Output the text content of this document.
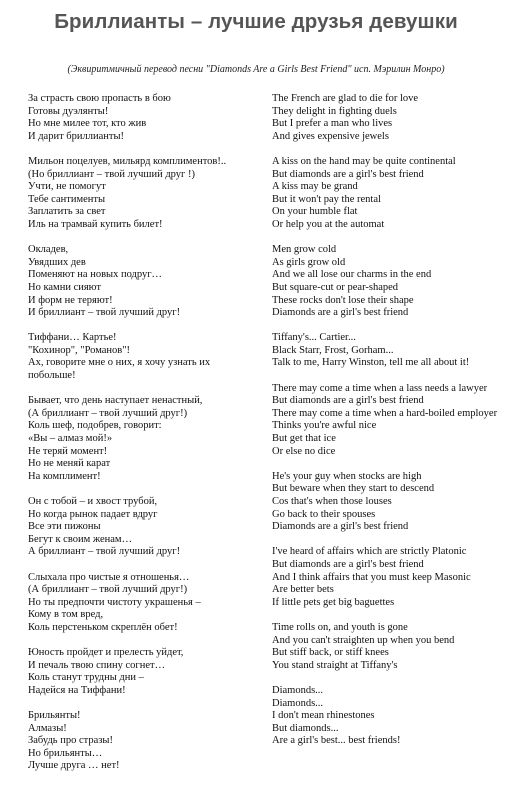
Бриллианты – лучшие друзья девушки
(Эквиритмичный перевод песни "Diamonds Are a Girls Best Friend" исп. Мэрилин Монро)
За страсть свою пропасть в бою
Готовы дуэлянты!
Но мне милее тот, кто жив
И дарит бриллианты!
Мильон поцелуев, мильярд комплиментов!..
(Но бриллиант – твой лучший друг !)
Учти, не помогут
Тебе сантименты
Заплатить за свет
Иль на трамвай купить билет!
Окладев,
Увядших дев
Поменяют на новых подруг…
Но камни сияют
И форм не теряют!
И бриллиант – твой лучший друг!
Тиффани… Картье!
"Кохинор", "Романов"!
Ах, говорите мне о них, я хочу узнать их побольше!
Бывает, что день наступает ненастный,
(А бриллиант – твой лучший друг!)
Коль шеф, подобрев, говорит:
«Вы – алмаз мой!»
Не теряй момент!
Но не меняй карат
На комплимент!
Он с тобой – и хвост трубой,
Но когда рынок падает вдруг
Все эти пижоны
Бегут к своим женам…
А бриллиант – твой лучший друг!
Слыхала про чистые я отношенья…
(А бриллиант – твой лучший друг!)
Но ты предпочти чистоту украшенья –
Кому в том вред,
Коль перстеньком скреплён обет!
Юность пройдет и прелесть уйдет,
И печаль твою спину согнет…
Коль станут трудны дни –
Надейся на Тиффани!
Брильянты!
Алмазы!
Забудь про стразы!
Но брильянты…
Лучше друга … нет!
The French are glad to die for love
They delight in fighting duels
But I prefer a man who lives
And gives expensive jewels
A kiss on the hand may be quite continental
But diamonds are a girl's best friend
A kiss may be grand
But it won't pay the rental
On your humble flat
Or help you at the automat
Men grow cold
As girls grow old
And we all lose our charms in the end
But square-cut or pear-shaped
These rocks don't lose their shape
Diamonds are a girl's best friend
Tiffany's... Cartier...
Black Starr, Frost, Gorham...
Talk to me, Harry Winston, tell me all about it!
There may come a time when a lass needs a lawyer
But diamonds are a girl's best friend
There may come a time when a hard-boiled employer
Thinks you're awful nice
But get that ice
Or else no dice
He's your guy when stocks are high
But beware when they start to descend
Cos that's when those louses
Go back to their spouses
Diamonds are a girl's best friend
I've heard of affairs which are strictly Platonic
But diamonds are a girl's best friend
And I think affairs that you must keep Masonic
Are better bets
If little pets get big baguettes
Time rolls on, and youth is gone
And you can't straighten up when you bend
But stiff back, or stiff knees
You stand straight at Tiffany's
Diamonds...
Diamonds...
I don't mean rhinestones
But diamonds...
Are a girl's best... best friends!
